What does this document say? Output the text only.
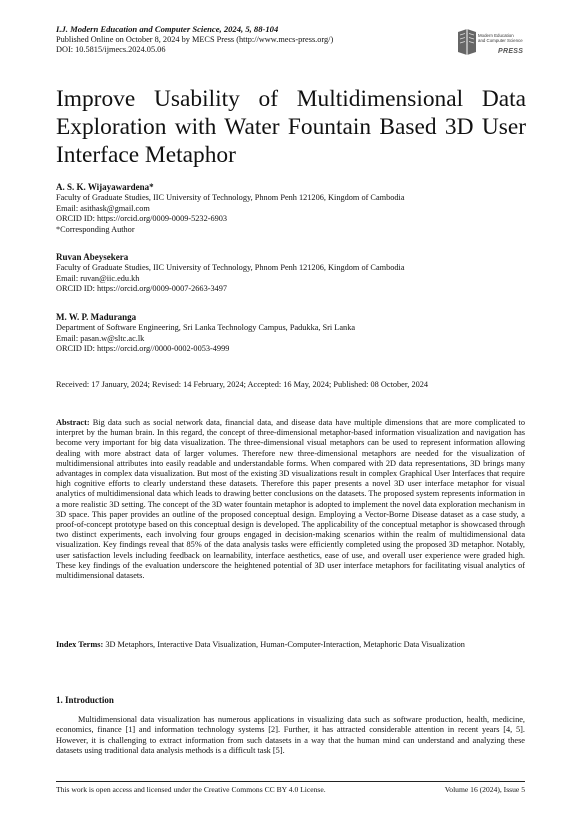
I.J. Modern Education and Computer Science, 2024, 5, 88-104
Published Online on October 8, 2024 by MECS Press (http://www.mecs-press.org/)
DOI: 10.5815/ijmecs.2024.05.06
Modern Education
and Computer Science
PRESS
Improve Usability of Multidimensional Data Exploration with Water Fountain Based 3D User Interface Metaphor
A. S. K. Wijayawardena*
Faculty of Graduate Studies, IIC University of Technology, Phnom Penh 121206, Kingdom of Cambodia
Email: asithask@gmail.com
ORCID ID: https://orcid.org/0009-0009-5232-6903
*Corresponding Author
Ruvan Abeysekera
Faculty of Graduate Studies, IIC University of Technology, Phnom Penh 121206, Kingdom of Cambodia
Email: ruvan@iic.edu.kh
ORCID ID: https://orcid.org/0009-0007-2663-3497
M. W. P. Maduranga
Department of Software Engineering, Sri Lanka Technology Campus, Padukka, Sri Lanka
Email: pasan.w@sltc.ac.lk
ORCID ID: https://orcid.org//0000-0002-0053-4999
Received: 17 January, 2024; Revised: 14 February, 2024; Accepted: 16 May, 2024; Published: 08 October, 2024
Abstract: Big data such as social network data, financial data, and disease data have multiple dimensions that are more complicated to interpret by the human brain. In this regard, the concept of three-dimensional metaphor-based information visualization and navigation has become very important for big data visualization. The three-dimensional visual metaphors can be used to represent information allowing dealing with more abstract data of larger volumes. Therefore new three-dimensional metaphors are needed for the visualization of multidimensional attributes into easily readable and understandable forms. When compared with 2D data representations, 3D brings many advantages in complex data visualization. But most of the existing 3D visualizations result in complex Graphical User Interfaces that require high cognitive efforts to clearly understand these datasets. Therefore this paper presents a novel 3D user interface metaphor for visual analytics of multidimensional data which leads to drawing better conclusions on the datasets. The proposed system represents information in a more realistic 3D setting. The concept of the 3D water fountain metaphor is adopted to implement the novel data exploration mechanism in 3D space. This paper provides an outline of the proposed conceptual design. Employing a Vector-Borne Disease dataset as a case study, a proof-of-concept prototype based on this conceptual design is developed. The applicability of the conceptual metaphor is showcased through two distinct experiments, each involving four groups engaged in decision-making scenarios within the realm of multidimensional data visualization. Key findings reveal that 85% of the data analysis tasks were efficiently completed using the proposed 3D metaphor. Notably, user satisfaction levels including feedback on learnability, interface aesthetics, ease of use, and overall user experience were graded high. These key findings of the evaluation underscore the heightened potential of 3D user interface metaphors for facilitating visual analytics of multidimensional datasets.
Index Terms: 3D Metaphors, Interactive Data Visualization, Human-Computer-Interaction, Metaphoric Data Visualization
1. Introduction
Multidimensional data visualization has numerous applications in visualizing data such as software production, health, medicine, economics, finance [1] and information technology systems [2]. Further, it has attracted considerable attention in recent years [4, 5]. However, it is challenging to extract information from such datasets in a way that the human mind can understand and analyzing these datasets using traditional data analysis methods is a difficult task [5].
This work is open access and licensed under the Creative Commons CC BY 4.0 License.	Volume 16 (2024), Issue 5
